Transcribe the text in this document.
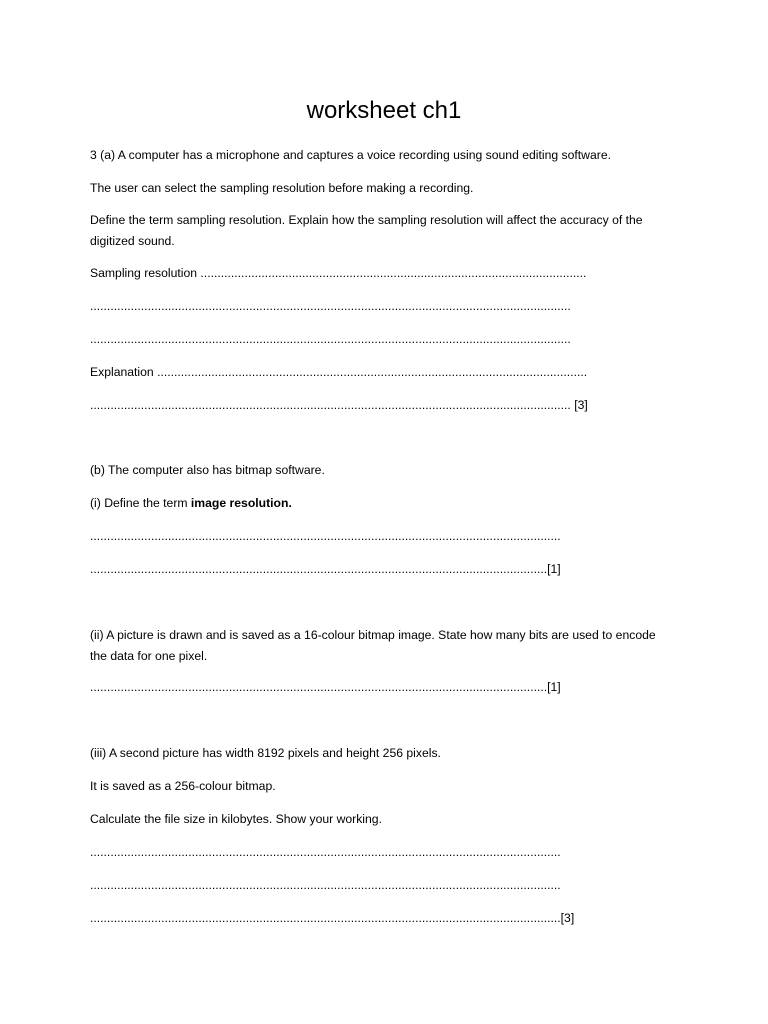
worksheet ch1
3 (a) A computer has a microphone and captures a voice recording using sound editing software.
The user can select the sampling resolution before making a recording.
Define the term sampling resolution. Explain how the sampling resolution will affect the accuracy of the
digitized sound.
Sampling resolution ..................................................................................................................
..............................................................................................................................................
..............................................................................................................................................
Explanation ...............................................................................................................................
.............................................................................................................................................. [3]
(b) The computer also has bitmap software.
(i) Define the term image resolution.
...........................................................................................................................................
.......................................................................................................................................[1]
(ii) A picture is drawn and is saved as a 16-colour bitmap image. State how many bits are used to encode
the data for one pixel.
.......................................................................................................................................[1]
(iii) A second picture has width 8192 pixels and height 256 pixels.
It is saved as a 256-colour bitmap.
Calculate the file size in kilobytes. Show your working.
...........................................................................................................................................
...........................................................................................................................................
...........................................................................................................................................[3]
